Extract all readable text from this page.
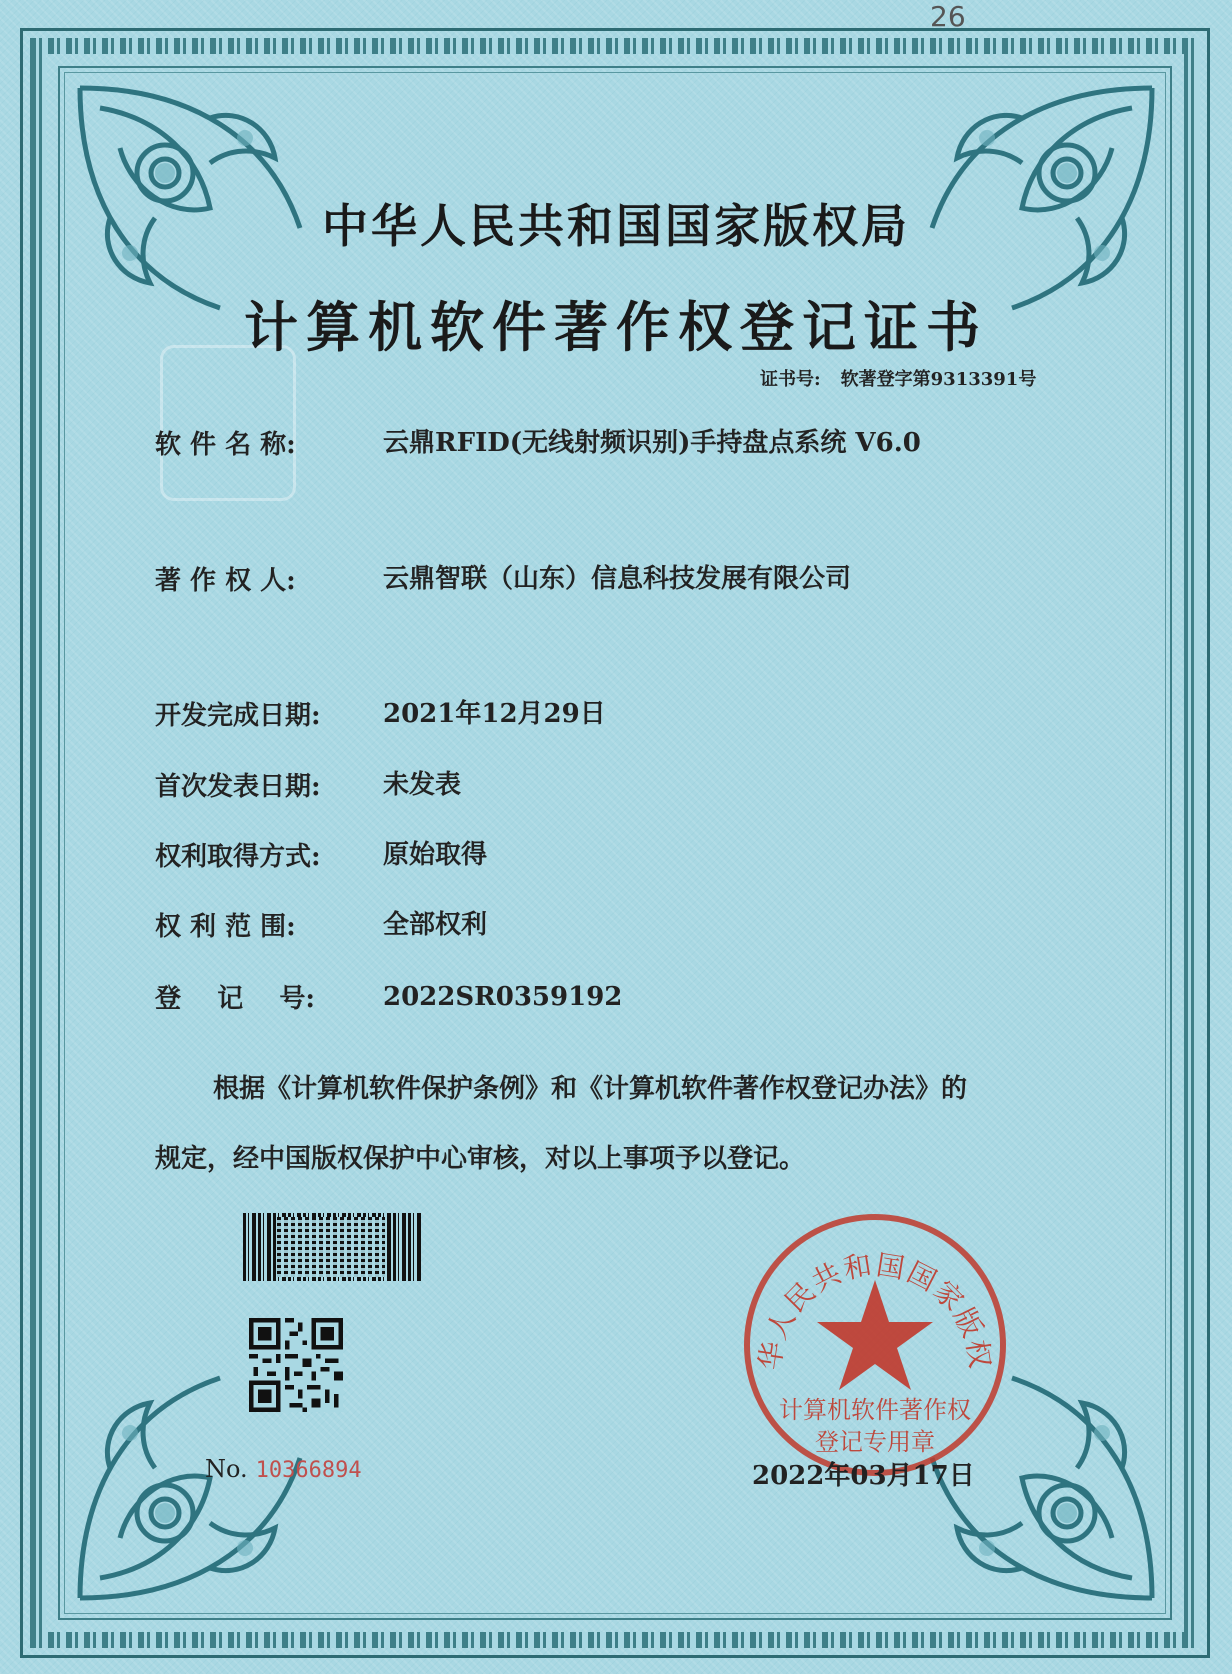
26
中华人民共和国国家版权局
计算机软件著作权登记证书
证书号: 软著登字第9313391号
软 件 名 称:	云鼎RFID(无线射频识别)手持盘点系统 V6.0
著 作 权 人:	云鼎智联（山东）信息科技发展有限公司
开发完成日期:	2021年12月29日
首次发表日期:	未发表
权利取得方式:	原始取得
权 利 范 围:	全部权利
登    记    号:	2022SR0359192
根据《计算机软件保护条例》和《计算机软件著作权登记办法》的
规定，经中国版权保护中心审核，对以上事项予以登记。
No. 10366894
华人民共和国国家版权
计算机软件著作权
登记专用章
2022年03月17日
